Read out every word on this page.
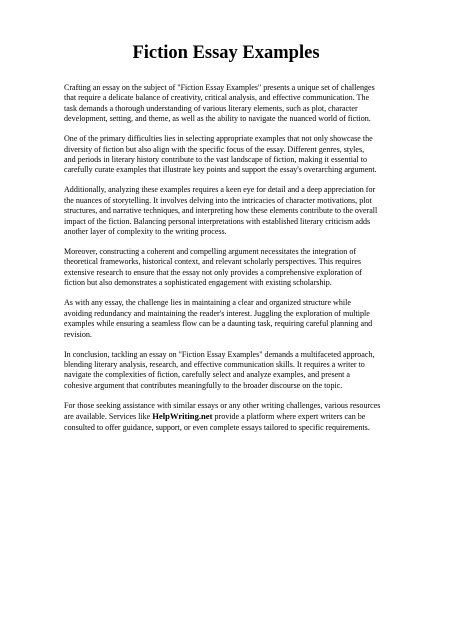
Fiction Essay Examples

Crafting an essay on the subject of "Fiction Essay Examples" presents a unique set of challenges
that require a delicate balance of creativity, critical analysis, and effective communication. The
task demands a thorough understanding of various literary elements, such as plot, character
development, setting, and theme, as well as the ability to navigate the nuanced world of fiction.

One of the primary difficulties lies in selecting appropriate examples that not only showcase the
diversity of fiction but also align with the specific focus of the essay. Different genres, styles,
and periods in literary history contribute to the vast landscape of fiction, making it essential to
carefully curate examples that illustrate key points and support the essay's overarching argument.

Additionally, analyzing these examples requires a keen eye for detail and a deep appreciation for
the nuances of storytelling. It involves delving into the intricacies of character motivations, plot
structures, and narrative techniques, and interpreting how these elements contribute to the overall
impact of the fiction. Balancing personal interpretations with established literary criticism adds
another layer of complexity to the writing process.

Moreover, constructing a coherent and compelling argument necessitates the integration of
theoretical frameworks, historical context, and relevant scholarly perspectives. This requires
extensive research to ensure that the essay not only provides a comprehensive exploration of
fiction but also demonstrates a sophisticated engagement with existing scholarship.

As with any essay, the challenge lies in maintaining a clear and organized structure while
avoiding redundancy and maintaining the reader's interest. Juggling the exploration of multiple
examples while ensuring a seamless flow can be a daunting task, requiring careful planning and
revision.

In conclusion, tackling an essay on "Fiction Essay Examples" demands a multifaceted approach,
blending literary analysis, research, and effective communication skills. It requires a writer to
navigate the complexities of fiction, carefully select and analyze examples, and present a
cohesive argument that contributes meaningfully to the broader discourse on the topic.

For those seeking assistance with similar essays or any other writing challenges, various resources
are available. Services like HelpWriting.net provide a platform where expert writers can be
consulted to offer guidance, support, or even complete essays tailored to specific requirements.
